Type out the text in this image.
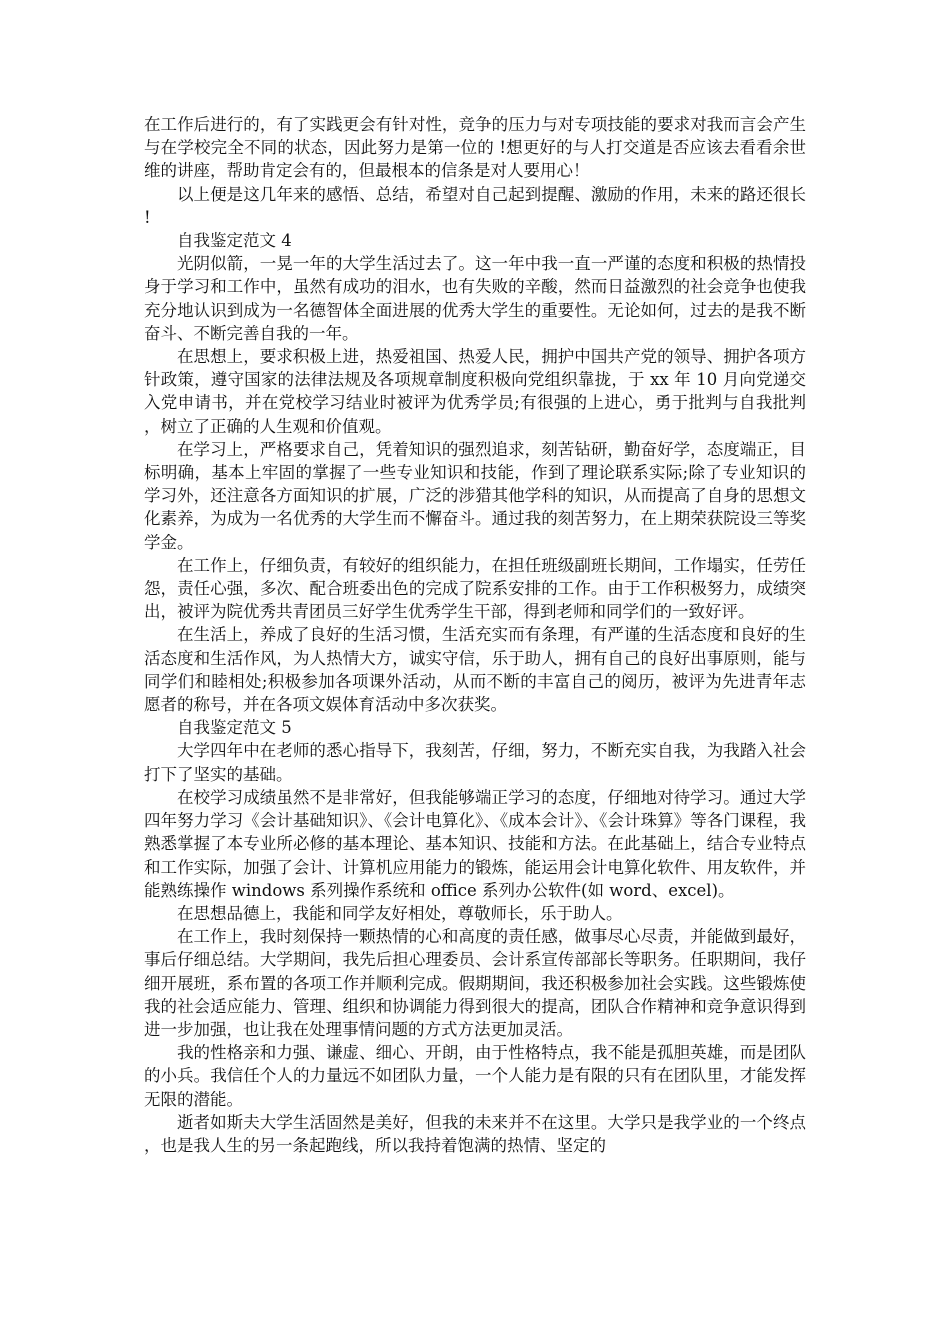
在工作后进行的，有了实践更会有针对性，竞争的压力与对专项技能的要求对我而言会产生与在学校完全不同的状态，因此努力是第一位的 !想更好的与人打交道是否应该去看看余世维的讲座，帮助肯定会有的，但最根本的信条是对人要用心！

以上便是这几年来的感悟、总结，希望对自己起到提醒、激励的作用，未来的路还很长!

自我鉴定范文 4

光阴似箭，一晃一年的大学生活过去了。这一年中我一直一严谨的态度和积极的热情投身于学习和工作中，虽然有成功的泪水，也有失败的辛酸，然而日益激烈的社会竞争也使我充分地认识到成为一名德智体全面进展的优秀大学生的重要性。无论如何，过去的是我不断奋斗、不断完善自我的一年。

在思想上，要求积极上进，热爱祖国、热爱人民，拥护中国共产党的领导、拥护各项方针政策，遵守国家的法律法规及各项规章制度积极向党组织靠拢，于 xx 年 10 月向党递交入党申请书，并在党校学习结业时被评为优秀学员;有很强的上进心，勇于批判与自我批判，树立了正确的人生观和价值观。

在学习上，严格要求自己，凭着知识的强烈追求，刻苦钻研，勤奋好学，态度端正，目标明确，基本上牢固的掌握了一些专业知识和技能，作到了理论联系实际;除了专业知识的学习外，还注意各方面知识的扩展，广泛的涉猎其他学科的知识，从而提高了自身的思想文化素养，为成为一名优秀的大学生而不懈奋斗。通过我的刻苦努力，在上期荣获院设三等奖学金。

在工作上，仔细负责，有较好的组织能力，在担任班级副班长期间，工作塌实，任劳任怨，责任心强，多次、配合班委出色的完成了院系安排的工作。由于工作积极努力，成绩突出，被评为院优秀共青团员三好学生优秀学生干部，得到老师和同学们的一致好评。

在生活上，养成了良好的生活习惯，生活充实而有条理，有严谨的生活态度和良好的生活态度和生活作风，为人热情大方，诚实守信，乐于助人，拥有自己的良好出事原则，能与同学们和睦相处;积极参加各项课外活动，从而不断的丰富自己的阅历，被评为先进青年志愿者的称号，并在各项文娱体育活动中多次获奖。

自我鉴定范文 5

大学四年中在老师的悉心指导下，我刻苦，仔细，努力，不断充实自我，为我踏入社会打下了坚实的基础。

在校学习成绩虽然不是非常好，但我能够端正学习的态度，仔细地对待学习。通过大学四年努力学习《会计基础知识》、《会计电算化》、《成本会计》、《会计珠算》等各门课程，我熟悉掌握了本专业所必修的基本理论、基本知识、技能和方法。在此基础上，结合专业特点和工作实际，加强了会计、计算机应用能力的锻炼，能运用会计电算化软件、用友软件，并能熟练操作 windows 系列操作系统和 office 系列办公软件(如 word、excel)。

在思想品德上，我能和同学友好相处，尊敬师长，乐于助人。

在工作上，我时刻保持一颗热情的心和高度的责任感，做事尽心尽责，并能做到最好，事后仔细总结。大学期间，我先后担心理委员、会计系宣传部部长等职务。任职期间，我仔细开展班，系布置的各项工作并顺利完成。假期期间，我还积极参加社会实践。这些锻炼使我的社会适应能力、管理、组织和协调能力得到很大的提高，团队合作精神和竞争意识得到进一步加强，也让我在处理事情问题的方式方法更加灵活。

我的性格亲和力强、谦虚、细心、开朗，由于性格特点，我不能是孤胆英雄，而是团队的小兵。我信任个人的力量远不如团队力量，一个人能力是有限的只有在团队里，才能发挥无限的潜能。

逝者如斯夫大学生活固然是美好，但我的未来并不在这里。大学只是我学业的一个终点，也是我人生的另一条起跑线，所以我持着饱满的热情、坚定的
